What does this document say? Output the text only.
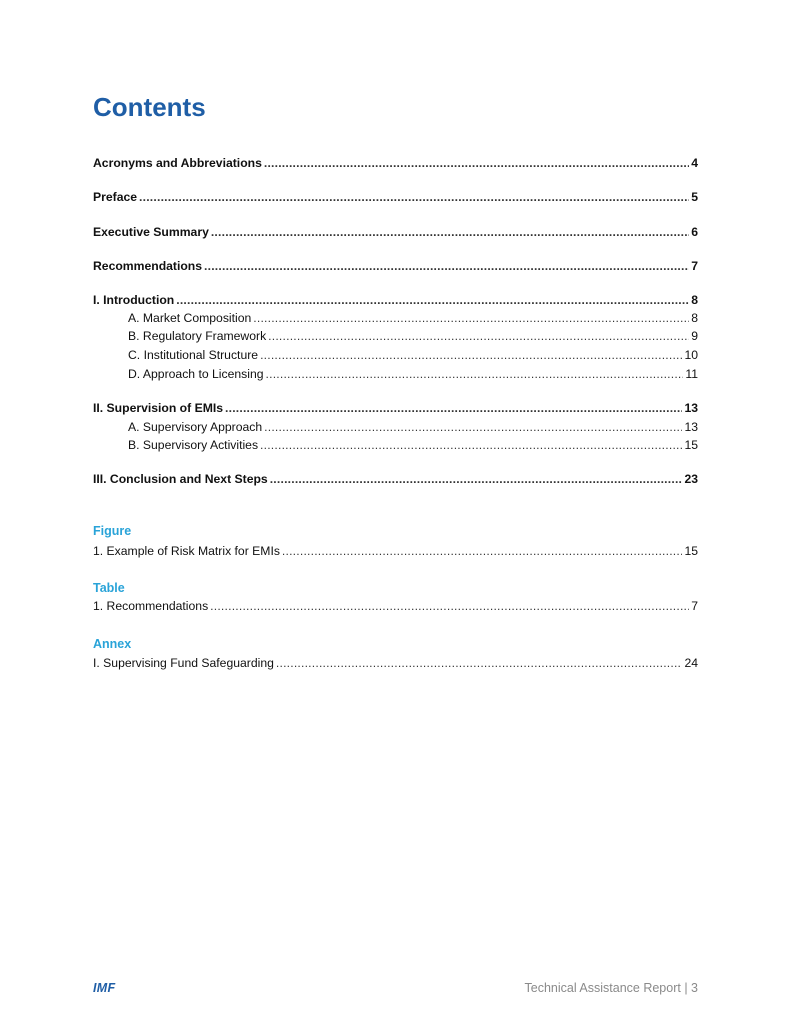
Contents
Acronyms and Abbreviations .....	4
Preface .....	5
Executive Summary .....	6
Recommendations .....	7
I. Introduction .....	8
A. Market Composition .....	8
B. Regulatory Framework .....	9
C. Institutional Structure .....	10
D. Approach to Licensing .....	11
II. Supervision of EMIs .....	13
A. Supervisory Approach .....	13
B. Supervisory Activities .....	15
III. Conclusion and Next Steps .....	23
Figure
1. Example of Risk Matrix for EMIs .....	15
Table
1. Recommendations .....	7
Annex
I. Supervising Fund Safeguarding .....	24
IMF	Technical Assistance Report | 3
